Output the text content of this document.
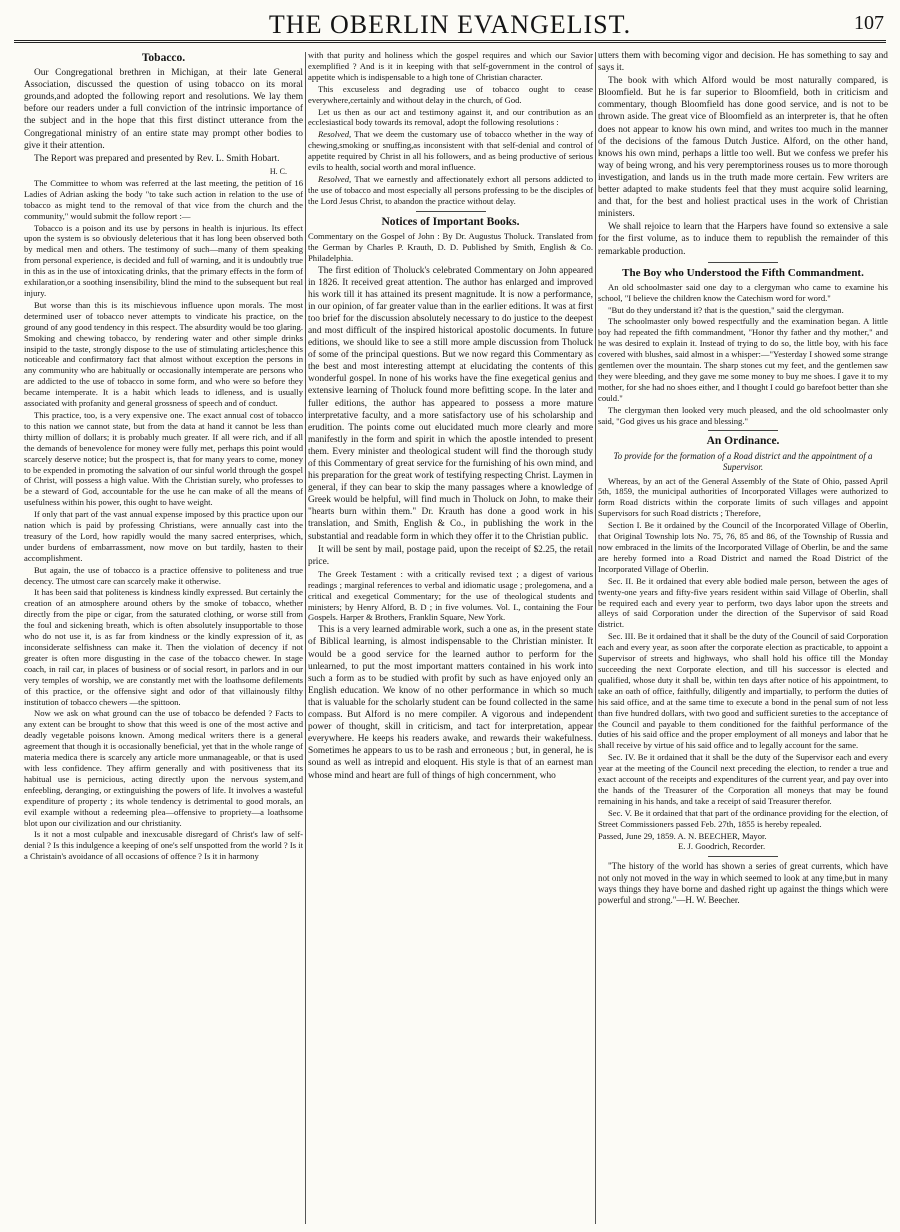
THE OBERLIN EVANGELIST.	107
Tobacco.

Our Congregational brethren in Michigan, at their late General Association, discussed the question of using tobacco on its moral grounds,and adopted the following report and resolutions. We lay them before our readers under a full conviction of the intrinsic importance of the subject and in the hope that this first distinct utterance from the Congregational ministry of an entire state may prompt other bodies to give it their attention.

The Report was prepared and presented by Rev. L. Smith Hobart.

H. C.

The Committee to whom was referred at the last meeting, the petition of 16 Ladies of Adrian asking the body "to take such action in relation to the use of tobacco as might tend to the removal of that vice from the church and the community," would submit the follow report :—

Tobacco is a poison and its use by persons in health is injurious. Its effect upon the system is so obviously deleterious that it has long been observed both by medical men and others. The testimony of such—many of them speaking from personal experience, is decided and full of warning, and it is undoubtly true in this as in the use of intoxicating drinks, that the primary effects in the form of exhilaration,or a soothing insensibility, blind the mind to the subsequent but real injury.

But worse than this is its mischievous influence upon morals. The most determined user of tobacco never attempts to vindicate his practice, on the ground of any good tendency in this respect. The absurdity would be too glaring. Smoking and chewing tobacco, by rendering water and other simple drinks insipid to the taste, strongly dispose to the use of stimulating articles;hence this noticeable and confirmatory fact that almost without exception the persons in any community who are habitually or occasionally intemperate are persons who are addicted to the use of tobacco in some form, and who were so before they became intemperate. It is a habit which leads to idleness, and is usually associated with profanity and general grossness of speech and of conduct.

This practice, too, is a very expensive one. The exact annual cost of tobacco to this nation we cannot state, but from the data at hand it cannot be less than thirty million of dollars; it is probably much greater. If all were rich, and if all the demands of benevolence for money were fully met, perhaps this point would scarcely deserve notice; but the prospect is, that for many years to come, money to be expended in promoting the salvation of our sinful world through the gospel of Christ, will possess a high value. With the Christian surely, who professes to be a steward of God, accountable for the use he can make of all the means of usefulness within his power, this ought to have weight.

If only that part of the vast annual expense imposed by this practice upon our nation which is paid by professing Christians, were annually cast into the treasury of the Lord, how rapidly would the many sacred enterprises, which, under burdens of embarrassment, now move on but tardily, hasten to their accomplishment.

But again, the use of tobacco is a practice offensive to politeness and true decency. The utmost care can scarcely make it otherwise.

It has been said that politeness is kindness kindly expressed. But certainly the creation of an atmosphere around others by the smoke of tobacco, whether directly from the pipe or cigar, from the saturated clothing, or worse still from the foul and sickening breath, which is often absolutely insupportable to those who do not use it, is as far from kindness or the kindly expression of it, as inconsiderate selfishness can make it. Then the violation of decency if not greater is often more disgusting in the case of the tobacco chewer. In stage coach, in rail car, in places of business or of social resort, in parlors and in our very temples of worship, we are constantly met with the loathsome defilements of this practice, or the offensive sight and odor of that villainously filthy institution of tobacco chewers —the spittoon.

Now we ask on what ground can the use of tobacco be defended ? Facts to any extent can be brought to show that this weed is one of the most active and deadly vegetable poisons known. Among medical writers there is a general agreement that though it is occasionally beneficial, yet that in the whole range of materia medica there is scarcely any article more unmanageable, or that is used with less confidence. They affirm generally and with positiveness that its habitual use is pernicious, acting directly upon the nervous system,and enfeebling, deranging, or extinguishing the powers of life. It involves a wasteful expenditure of property ; its whole tendency is detrimental to good morals, an evil example without a redeeming plea—offensive to propriety—a loathsome blot upon our civilization and our christianity.

Is it not a most culpable and inexcusable disregard of Christ's law of self-denial ? Is this indulgence a keeping of one's self unspotted from the world ? Is it a Christain's avoidance of all occasions of offence ? Is it in harmony

with that purity and holiness which the gospel requires and which our Savior exemplified ? And is it in keeping with that self-government in the control of appetite which is indispensable to a high tone of Christian character.

This excuseless and degrading use of tobacco ought to cease everywhere,certainly and without delay in the church, of God.

Let us then as our act and testimony against it, and our contribution as an ecclesiastical body towards its removal, adopt the following resolutions :

Resolved, That we deem the customary use of tobacco whether in the way of chewing,smoking or snuffing,as inconsistent with that self-denial and control of appetite required by Christ in all his followers, and as being productive of serious evils to health, social worth and moral influence.

Resolved, That we earnestly and affectionately exhort all persons addicted to the use of tobacco and most especially all persons professing to be the disciples of the Lord Jesus Christ, to abandon the practice without delay.

Notices of Important Books.

Commentary on the Gospel of John : By Dr. Augustus Tholuck. Translated from the German by Charles P. Krauth, D. D. Published by Smith, English & Co. Philadelphia.

The first edition of Tholuck's celebrated Commentary on John appeared in 1826. It received great attention. The author has enlarged and improved his work till it has attained its present magnitude. It is now a performance, in our opinion, of far greater value than in the earlier editions. It was at first too brief for the discussion absolutely necessary to do justice to the deepest and most difficult of the inspired historical apostolic documents. In future editions, we should like to see a still more ample discussion from Tholuck of some of the principal questions. But we now regard this Commentary as the best and most interesting attempt at elucidating the contents of this wonderful gospel. In none of his works have the fine exegetical genius and extensive learning of Tholuck found more befitting scope. In the later and fuller editions, the author has appeared to possess a more mature interpretative faculty, and a more satisfactory use of his scholarship and erudition. The points come out elucidated much more clearly and more manifestly in the form and spirit in which the apostle intended to present them. Every minister and theological student will find the thorough study of this Commentary of great service for the furnishing of his own mind, and his preparation for the great work of testifying respecting Christ. Laymen in general, if they can bear to skip the many passages where a knowledge of Greek would be helpful, will find much in Tholuck on John, to make their "hearts burn within them." Dr. Krauth has done a good work in his translation, and Smith, English & Co., in publishing the work in the substantial and readable form in which they offer it to the Christian public.

It will be sent by mail, postage paid, upon the receipt of $2.25, the retail price.

The Greek Testament : with a critically revised text ; a digest of various readings ; marginal references to verbal and idiomatic usage ; prolegomena, and a critical and exegetical Commentary; for the use of theological students and ministers; by Henry Alford, B. D ; in five volumes. Vol. I., containing the Four Gospels. Harper & Brothers, Franklin Square, New York.

This is a very learned admirable work, such a one as, in the present state of Biblical learning, is almost indispensable to the Christian minister. It would be a good service for the learned author to perform for the unlearned, to put the most important matters contained in his work into such a form as to be studied with profit by such as have enjoyed only an English education. We know of no other performance in which so much that is valuable for the scholarly student can be found collected in the same compass. But Alford is no mere compiler. A vigorous and independent power of thought, skill in criticism, and tact for interpretation, appear everywhere. He keeps his readers awake, and rewards their wakefulness. Sometimes he appears to us to be rash and erroneous ; but, in general, he is sound as well as intrepid and eloquent. His style is that of an earnest man whose mind and heart are full of things of high concernment, who

utters them with becoming vigor and decision. He has something to say and says it.

The book with which Alford would be most naturally compared, is Bloomfield. But he is far superior to Bloomfield, both in criticism and commentary, though Bloomfield has done good service, and is not to be thrown aside. The great vice of Bloomfield as an interpreter is, that he often does not appear to know his own mind, and writes too much in the manner of the decisions of the famous Dutch Justice. Alford, on the other hand, knows his own mind, perhaps a little too well. But we confess we prefer his way of being wrong, and his very peremptoriness rouses us to more thorough investigation, and lands us in the truth made more certain. Few writers are better adapted to make students feel that they must acquire solid learning, and that, for the best and holiest practical uses in the work of Christian ministers.

We shall rejoice to learn that the Harpers have found so extensive a sale for the first volume, as to induce them to republish the remainder of this remarkable production.

The Boy who Understood the Fifth Commandment.

An old schoolmaster said one day to a clergyman who came to examine his school, "I believe the children know the Catechism word for word."

"But do they understand it? that is the question," said the clergyman.

The schoolmaster only bowed respectfully and the examination began. A little boy had repeated the fifth commandment, "Honor thy father and thy mother," and he was desired to explain it. Instead of trying to do so, the little boy, with his face covered with blushes, said almost in a whisper:—"Yesterday I showed some strange gentlemen over the mountain. The sharp stones cut my feet, and the gentlemen saw they were bleeding, and they gave me some money to buy me shoes. I gave it to my mother, for she had no shoes either, and I thought I could go barefoot better than she could."

The clergyman then looked very much pleased, and the old schoolmaster only said, "God gives us his grace and blessing."

An Ordinance.
To provide for the formation of a Road district and the appointment of a Supervisor.

Whereas, by an act of the General Assembly of the State of Ohio, passed April 5th, 1859, the municipal authorities of Incorporated Villages were authorized to form Road districts within the corporate limits of such villages and appoint Supervisors for such Road districts ; Therefore,

Section I. Be it ordained by the Council of the Incorporated Village of Oberlin, that Original Township lots No. 75, 76, 85 and 86, of the Township of Russia and now embraced in the limits of the Incorporated Village of Oberlin, be and the same are hereby formed into a Road District and named the Road District of the Incorporated Village of Oberlin.

Sec. II. Be it ordained that every able bodied male person, between the ages of twenty-one years and fifty-five years resident within said Village of Oberlin, shall be required each and every year to perform, two days labor upon the streets and alleys of said Corporation under the direction of the Supervisor of said Road district.

Sec. III. Be it ordained that it shall be the duty of the Council of said Corporation each and every year, as soon after the corporate election as practicable, to appoint a Supervisor of streets and highways, who shall hold his office till the Monday succeeding the next Corporate election, and till his successor is elected and qualified, whose duty it shall be, within ten days after notice of his appointment, to take an oath of office, faithfully, diligently and impartially, to perform the duties of his said office, and at the same time to execute a bond in the penal sum of not less than five hundred dollars, with two good and sufficient sureties to the acceptance of the Council and payable to them conditioned for the faithful performance of the duties of his said office and the proper employment of all moneys and labor that he shall receive by virtue of his said office and to legally account for the same.

Sec. IV. Be it ordained that it shall be the duty of the Supervisor each and every year at the meeting of the Council next preceding the election, to render a true and exact account of the receipts and expenditures of the current year, and pay over into the hands of the Treasurer of the Corporation all moneys that may be found remaining in his hands, and take a receipt of said Treasurer therefor.

Sec. V. Be it ordained that that part of the ordinance providing for the election, of Street Commissioners passed Feb. 27th, 1855 is hereby repealed.

Passed, June 29, 1859. A. N. BEECHER, Mayor.
E. J. Goodrich, Recorder.

"The history of the world has shown a series of great currents, which have not only not moved in the way in which seemed to look at any time,but in many ways things they have borne and dashed right up against the things which were powerful and strong."—H. W. Beecher.
